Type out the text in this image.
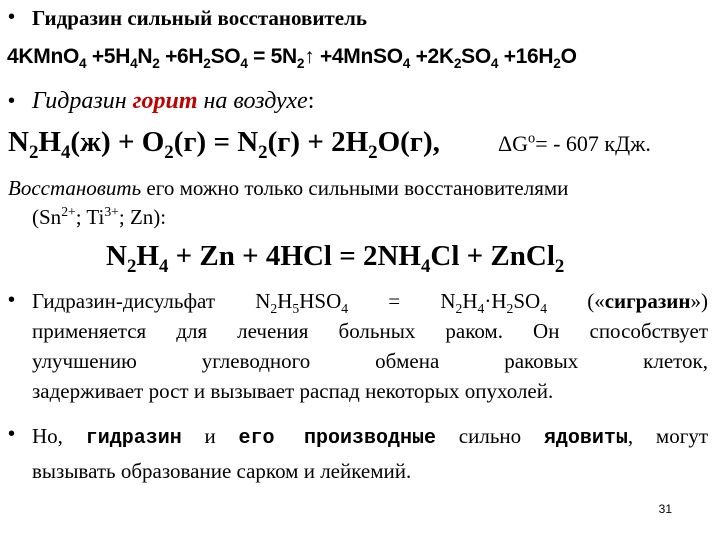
• Гидразин сильный восстановитель
4KMnO$_4$ $+5H_4N_2 +6H_2SO_4$ = $5N_2↑$ +4MnSO$_4$ $+2K_2SO_4 +16H_2O$
• Гидразин горит на воздухе:
$N_2H_4(ж) + O_2(г) = N_2(г) + 2H_2O(г)$,	$\Delta G^o= - 607$ кДж.
Восстановить его можно только сильными восстановителями
($Sn^{2+}$; $Ti^{3+}$; Zn):
$N_2H_4 + Zn + 4HCl = 2NH_4Cl$ + ZnCl$_2$
• Гидразин-дисульфат $N_2H_5HSO_4 = N_2H_4\cdot H_2SO_4$ («сигразин»)
применяется для лечения больных раком. Он способствует
улучшению углеводного обмена раковых клеток,
задерживает рост и вызывает распад некоторых опухолей.
• Но, гидразин и его производные сильно ядовиты, могут
вызывать образование сарком и лейкемий.
31
